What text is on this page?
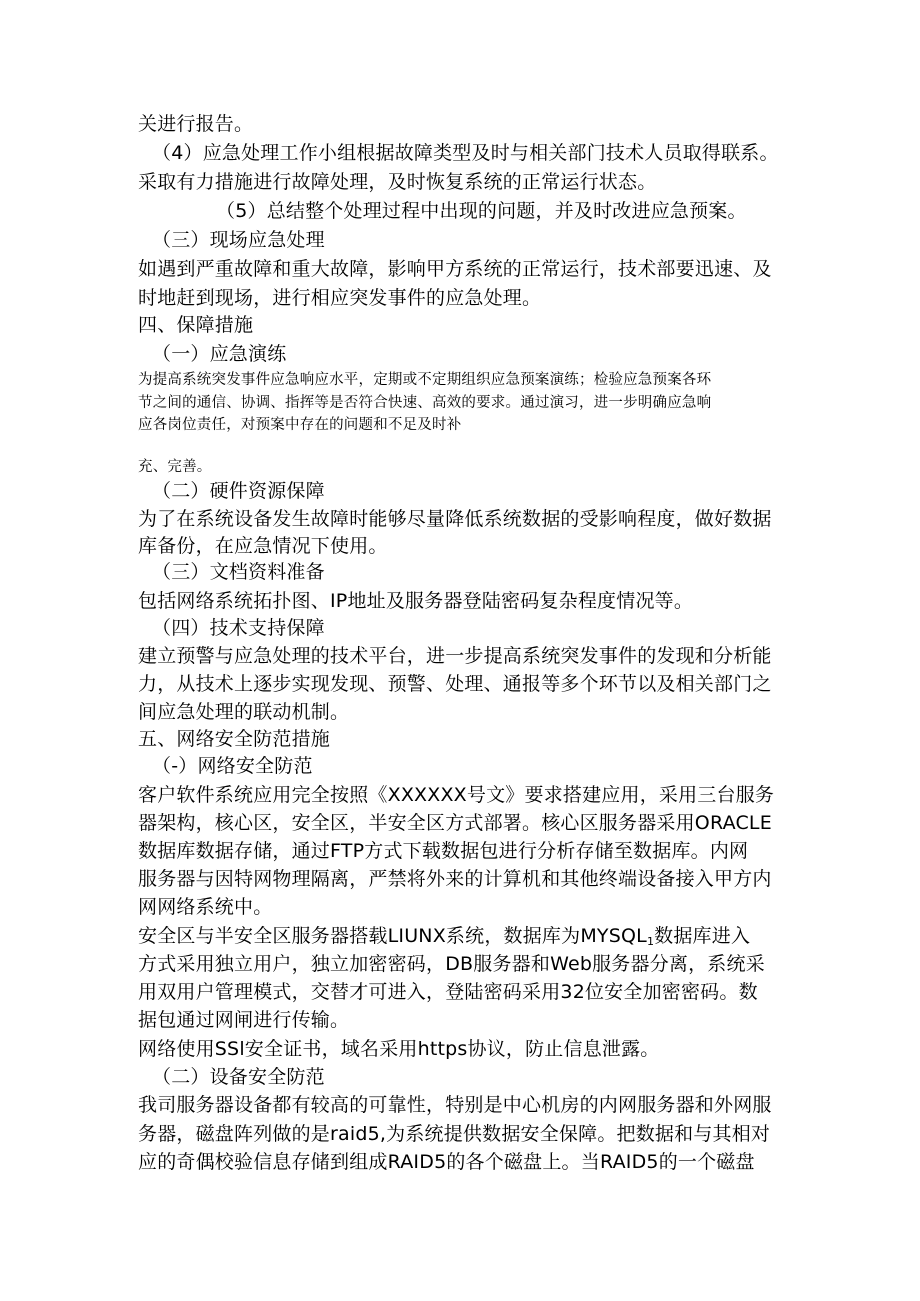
关进行报告。
（4）应急处理工作小组根据故障类型及时与相关部门技术人员取得联系。
采取有力措施进行故障处理，及时恢复系统的正常运行状态。
（5）总结整个处理过程中出现的问题，并及时改进应急预案。
（三）现场应急处理
如遇到严重故障和重大故障，影响甲方系统的正常运行，技术部要迅速、及
时地赶到现场，进行相应突发事件的应急处理。
四、保障措施
（一）应急演练
为提高系统突发事件应急响应水平，定期或不定期组织应急预案演练；检验应急预案各环
节之间的通信、协调、指挥等是否符合快速、高效的要求。通过演习，进一步明确应急响
应各岗位责任，对预案中存在的问题和不足及时补
充、完善。
（二）硬件资源保障
为了在系统设备发生故障时能够尽量降低系统数据的受影响程度，做好数据
库备份，在应急情况下使用。
（三）文档资料准备
包括网络系统拓扑图、IP地址及服务器登陆密码复杂程度情况等。
（四）技术支持保障
建立预警与应急处理的技术平台，进一步提高系统突发事件的发现和分析能
力，从技术上逐步实现发现、预警、处理、通报等多个环节以及相关部门之
间应急处理的联动机制。
五、网络安全防范措施
（-）网络安全防范
客户软件系统应用完全按照《XXXXXX号文》要求搭建应用，采用三台服务
器架构，核心区，安全区，半安全区方式部署。核心区服务器采用ORACLE
数据库数据存储，通过FTP方式下载数据包进行分析存储至数据库。内网
服务器与因特网物理隔离，严禁将外来的计算机和其他终端设备接入甲方内
网网络系统中。
安全区与半安全区服务器搭载LIUNX系统，数据库为$MYSQL_1$数据库进入
方式采用独立用户，独立加密密码，DB服务器和Web服务器分离，系统采
用双用户管理模式，交替才可进入，登陆密码采用32位安全加密密码。数
据包通过网闸进行传输。
网络使用SSl安全证书，域名采用https协议，防止信息泄露。
（二）设备安全防范
我司服务器设备都有较高的可靠性，特别是中心机房的内网服务器和外网服
务器，磁盘阵列做的是raid5,为系统提供数据安全保障。把数据和与其相对
应的奇偶校验信息存储到组成RAID5的各个磁盘上。当RAID5的一个磁盘
